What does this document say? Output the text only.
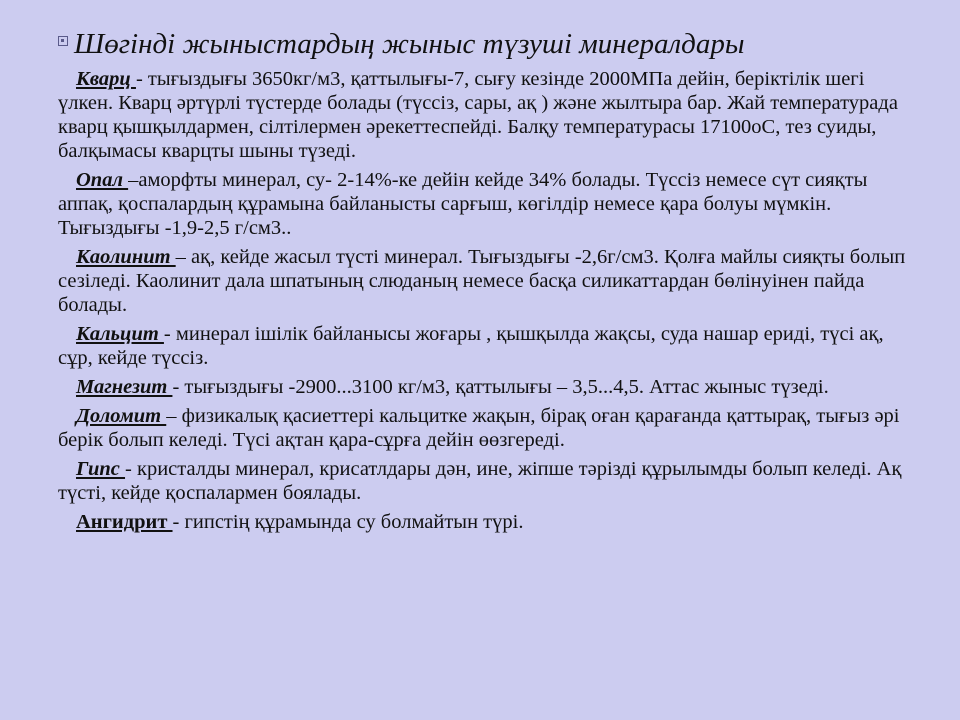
Шөгінді жыныстардың жыныс түзуші минералдары

Кварц - тығыздығы 3650кг/м3, қаттылығы-7, сығу кезінде 2000МПа дейін, беріктілік шегі үлкен. Кварц әртүрлі түстерде болады (түссіз, сары, ақ ) және жылтыра бар. Жай температурада кварц қышқылдармен, сілтілермен әрекеттеспейді. Балқу температурасы 17100оС, тез суиды, балқымасы кварцты шыны түзеді.

Опал –аморфты минерал, су- 2-14%-ке дейін кейде 34% болады. Түссіз немесе сүт сияқты аппақ, қоспалардың құрамына байланысты сарғыш, көгілдір немесе қара болуы мүмкін. Тығыздығы -1,9-2,5 г/см3..

Каолинит – ақ, кейде жасыл түсті минерал. Тығыздығы -2,6г/см3. Қолға майлы сияқты болып сезіледі. Каолинит дала шпатының слюданың немесе басқа силикаттардан бөлінуінен пайда болады.

Кальцит - минерал ішілік байланысы жоғары , қышқылда жақсы, суда нашар ериді, түсі ақ, сұр, кейде түссіз.

Магнезит - тығыздығы -2900...3100 кг/м3, қаттылығы – 3,5...4,5. Аттас жыныс түзеді.

Доломит – физикалық қасиеттері кальцитке жақын, бірақ оған қарағанда қаттырақ, тығыз әрі берік болып келеді. Түсі ақтан қара-сұрға дейін өөзгереді.

Гипс - кристалды минерал, крисатлдары дән, ине, жіпше тәрізді құрылымды болып келеді. Ақ түсті, кейде қоспалармен боялады.

Ангидрит - гипстің құрамында су болмайтын түрі.
